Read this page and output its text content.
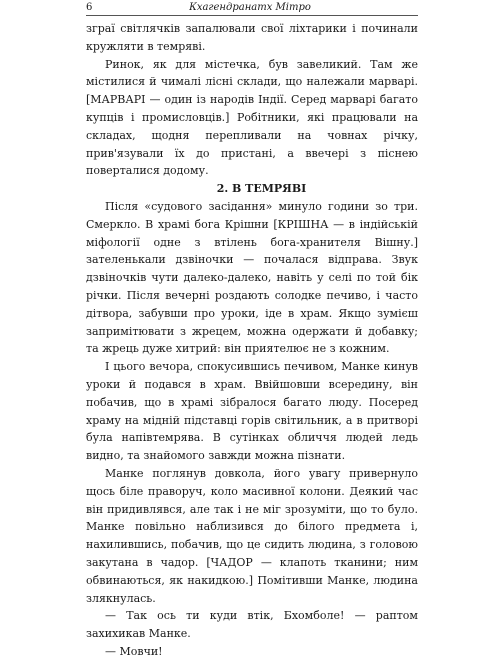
6	Кхагендранатх Мітро

зграї світлячків запалювали свої ліхтарики і починали кружляти в темряві.

Ринок, як для містечка, був завеликий. Там же містилися й чималі лісні склади, що належали марварі. [МАРВАРІ — один із народів Індії. Серед марварі багато купців і промисловців.] Робітники, які працювали на складах, щодня перепливали на човнах річку, прив'язували їх до пристані, а ввечері з піснею поверталися додому.

2. В ТЕМРЯВІ

Після «судового засідання» минуло години зо три. Смеркло. В храмі бога Крішни [КРІШНА — в індійській міфології одне з втілень бога-хранителя Вішну.] зателенькали дзвіночки — почалася відправа. Звук дзвіночків чути далеко-далеко, навіть у селі по той бік річки. Після вечерні роздають солодке печиво, і часто дітвора, забувши про уроки, іде в храм. Якщо зумієш запримітювати з жрецем, можна одержати й добавку; та жрець дуже хитрий: він приятелює не з кожним.

І цього вечора, спокусившись печивом, Манке кинув уроки й подався в храм. Ввійшовши всередину, він побачив, що в храмі зібралося багато люду. Посеред храму на мідній підставці горів світильник, а в притворі була напівтемрява. В сутінках обличчя людей ледь видно, та знайомого завжди можна пізнати.

Манке поглянув довкола, його увагу привернуло щось біле праворуч, коло масивної колони. Деякий час він придивлявся, але так і не міг зрозуміти, що то було. Манке повільно наблизився до білого предмета і, нахилившись, побачив, що це сидить людина, з головою закутана в чадор. [ЧАДОР — клапоть тканини; ним обвинаються, як накидкою.] Помітивши Манке, людина злякнулась.

— Так ось ти куди втік, Бхомболе! — раптом захихикав Манке.

— Мовчи!
